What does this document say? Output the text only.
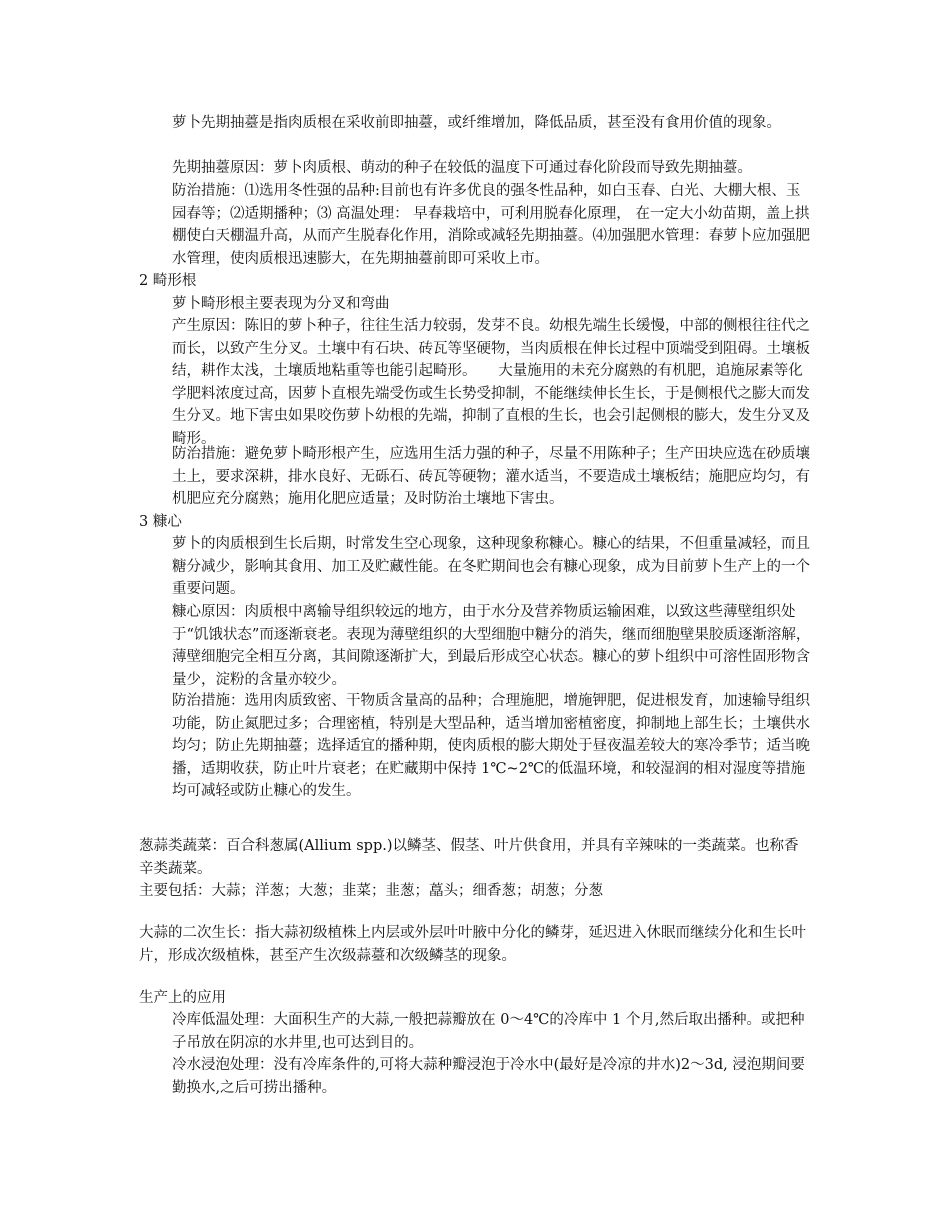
萝卜先期抽薹是指肉质根在采收前即抽薹，或纤维增加，降低品质，甚至没有食用价值的现象。

先期抽薹原因：萝卜肉质根、萌动的种子在较低的温度下可通过春化阶段而导致先期抽薹。

防治措施：⑴选用冬性强的品种:目前也有许多优良的强冬性品种，如白玉春、白光、大棚大根、玉园春等；⑵适期播种；⑶ 高温处理： 早春栽培中，可利用脱春化原理， 在一定大小幼苗期，盖上拱棚使白天棚温升高，从而产生脱春化作用，消除或减轻先期抽薹。⑷加强肥水管理：春萝卜应加强肥水管理，使肉质根迅速膨大，在先期抽薹前即可采收上市。

2 畸形根

萝卜畸形根主要表现为分叉和弯曲

产生原因：陈旧的萝卜种子，往往生活力较弱，发芽不良。幼根先端生长缓慢，中部的侧根往往代之而长，以致产生分叉。土壤中有石块、砖瓦等坚硬物，当肉质根在伸长过程中顶端受到阻碍。土壤板结，耕作太浅，土壤质地粘重等也能引起畸形。　　大量施用的未充分腐熟的有机肥，追施尿素等化学肥料浓度过高，因萝卜直根先端受伤或生长势受抑制，不能继续伸长生长，于是侧根代之膨大而发生分叉。地下害虫如果咬伤萝卜幼根的先端，抑制了直根的生长，也会引起侧根的膨大，发生分叉及畸形。

防治措施：避免萝卜畸形根产生，应选用生活力强的种子，尽量不用陈种子；生产田块应选在砂质壤土上，要求深耕，排水良好、无砾石、砖瓦等硬物；灌水适当，不要造成土壤板结；施肥应均匀，有机肥应充分腐熟；施用化肥应适量；及时防治土壤地下害虫。

3 糠心

萝卜的肉质根到生长后期，时常发生空心现象，这种现象称糠心。糠心的结果，不但重量减轻，而且糖分减少，影响其食用、加工及贮藏性能。在冬贮期间也会有糠心现象，成为目前萝卜生产上的一个重要问题。

糠心原因：肉质根中离输导组织较远的地方，由于水分及营养物质运输困难，以致这些薄壁组织处于“饥饿状态”而逐渐衰老。表现为薄壁组织的大型细胞中糖分的消失，继而细胞壁果胶质逐渐溶解，薄壁细胞完全相互分离，其间隙逐渐扩大，到最后形成空心状态。糠心的萝卜组织中可溶性固形物含量少，淀粉的含量亦较少。

防治措施：选用肉质致密、干物质含量高的品种；合理施肥，增施钾肥，促进根发育，加速输导组织功能，防止氮肥过多；合理密植，特别是大型品种，适当增加密植密度，抑制地上部生长；土壤供水均匀；防止先期抽薹；选择适宜的播种期，使肉质根的膨大期处于昼夜温差较大的寒冷季节；适当晚播，适期收获，防止叶片衰老；在贮藏期中保持 1℃~2℃的低温环境，和较湿润的相对湿度等措施均可减轻或防止糠心的发生。

葱蒜类蔬菜：百合科葱属(Allium spp.)以鳞茎、假茎、叶片供食用，并具有辛辣味的一类蔬菜。也称香辛类蔬菜。

主要包括：大蒜；洋葱；大葱；韭菜；韭葱；藠头；细香葱；胡葱；分葱

大蒜的二次生长：指大蒜初级植株上内层或外层叶叶腋中分化的鳞芽，延迟进入休眠而继续分化和生长叶片，形成次级植株，甚至产生次级蒜薹和次级鳞茎的现象。

生产上的应用

冷库低温处理：大面积生产的大蒜,一般把蒜瓣放在 0～4℃的冷库中 1 个月,然后取出播种。或把种子吊放在阴凉的水井里,也可达到目的。

冷水浸泡处理：没有冷库条件的,可将大蒜种瓣浸泡于冷水中(最好是冷凉的井水)2～3d, 浸泡期间要勤换水,之后可捞出播种。
